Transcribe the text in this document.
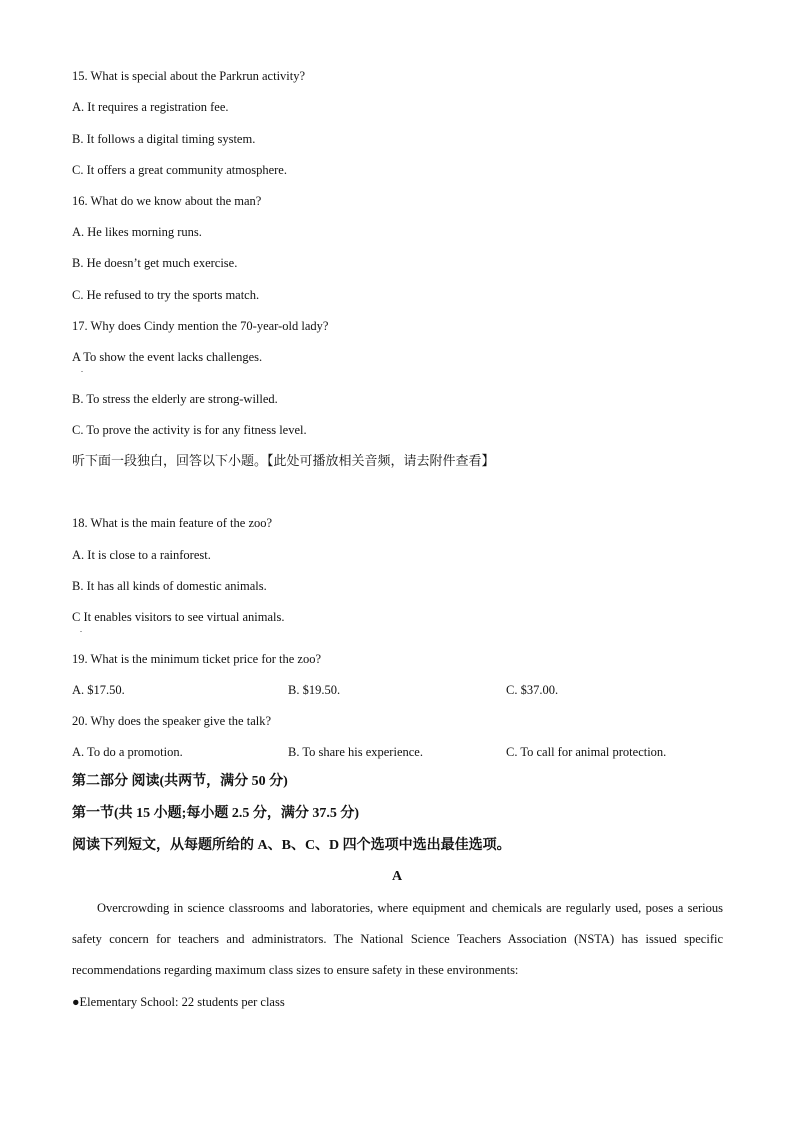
15. What is special about the Parkrun activity?
A. It requires a registration fee.
B. It follows a digital timing system.
C. It offers a great community atmosphere.
16. What do we know about the man?
A. He likes morning runs.
B. He doesn’t get much exercise.
C. He refused to try the sports match.
17. Why does Cindy mention the 70-year-old lady?
A To show the event lacks challenges.
.
B. To stress the elderly are strong-willed.
C. To prove the activity is for any fitness level.
听下面一段独白，回答以下小题。【此处可播放相关音频，请去附件查看】
18. What is the main feature of the zoo?
A. It is close to a rainforest.
B. It has all kinds of domestic animals.
C It enables visitors to see virtual animals.
.
19. What is the minimum ticket price for the zoo?
A. $17.50.	B. $19.50.	C. $37.00.
20. Why does the speaker give the talk?
A. To do a promotion.	B. To share his experience.	C. To call for animal protection.
第二部分 阅读(共两节，满分 50 分)
第一节(共 15 小题;每小题 2.5 分，满分 37.5 分)
阅读下列短文，从每题所给的 A、B、C、D 四个选项中选出最佳选项。
A
Overcrowding in science classrooms and laboratories, where equipment and chemicals are regularly used, poses a serious safety concern for teachers and administrators. The National Science Teachers Association (NSTA) has issued specific recommendations regarding maximum class sizes to ensure safety in these environments:
●Elementary School: 22 students per class
